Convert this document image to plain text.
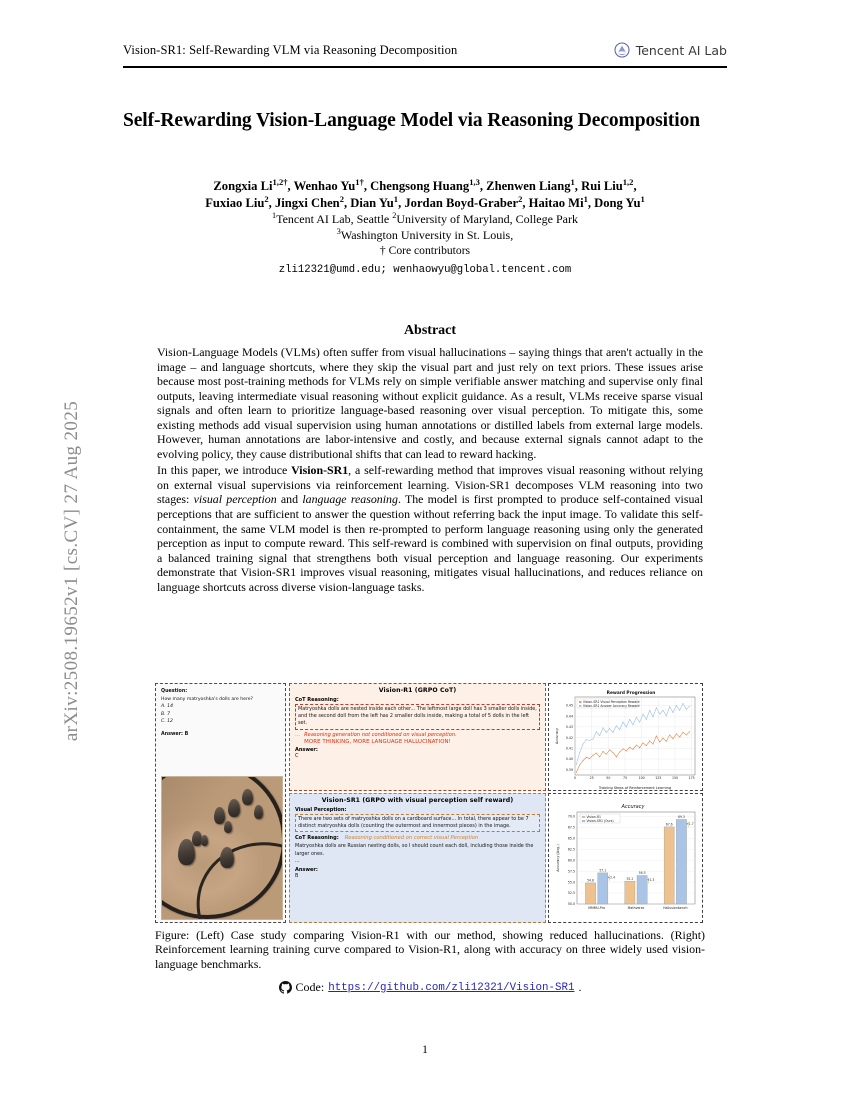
arXiv:2508.19652v1 [cs.CV] 27 Aug 2025
Vision-SR1: Self-Rewarding VLM via Reasoning Decomposition	Tencent AI Lab
Self-Rewarding Vision-Language Model via Reasoning Decomposition
Zongxia $Li^{1,2\dagger}$, Wenhao $Yu^{1\dagger}$, Chengsong Huang$^{1,3}$, Zhenwen Liang$^1$, Rui Liu$^{1,2}$,
Fuxiao Liu$^2$, Jingxi Chen$^2$, Dian Yu$^1$, Jordan Boyd-Graber$^2$, Haitao Mi$^1$, Dong Yu$^1$
$^1$Tencent AI Lab, Seattle $^2$University of Maryland, College Park
$^3$Washington University in St. Louis,
† Core contributors
zli12321@umd.edu; wenhaowyu@global.tencent.com
Abstract

Vision-Language Models (VLMs) often suffer from visual hallucinations – saying things that aren't actually in the image – and language shortcuts, where they skip the visual part and just rely on text priors. These issues arise because most post-training methods for VLMs rely on simple verifiable answer matching and supervise only final outputs, leaving intermediate visual reasoning without explicit guidance. As a result, VLMs receive sparse visual signals and often learn to prioritize language-based reasoning over visual perception. To mitigate this, some existing methods add visual supervision using human annotations or distilled labels from external large models. However, human annotations are labor-intensive and costly, and because external signals cannot adapt to the evolving policy, they cause distributional shifts that can lead to reward hacking.

In this paper, we introduce Vision-SR1, a self-rewarding method that improves visual reasoning without relying on external visual supervisions via reinforcement learning. Vision-SR1 decomposes VLM reasoning into two stages: visual perception and language reasoning. The model is first prompted to produce self-contained visual perceptions that are sufficient to answer the question without referring back the input image. To validate this self-containment, the same VLM model is then re-prompted to perform language reasoning using only the generated perception as input to compute reward. This self-reward is combined with supervision on final outputs, providing a balanced training signal that strengthens both visual perception and language reasoning. Our experiments demonstrate that Vision-SR1 improves visual reasoning, mitigates visual hallucinations, and reduces reliance on language shortcuts across diverse vision-language tasks.

Question:
How many matryoshka's dolls are here?
A. 14
B. 7
C. 12
Answer: B
Vision-R1 (GRPO CoT)
CoT Reasoning:
Matryoshka dolls are nested inside each other... The leftmost large doll has 3 smaller dolls inside, and the second doll from the left has 2 smaller dolls inside, making a total of 5 dolls in the left set.
... Reasoning generation not conditioned on visual perception.
MORE THINKING, MORE LANGUAGE HALLUCINATION!
Answer:
C
Vision-SR1 (GRPO with visual perception self reward)
Visual Perception:
There are two sets of matryoshka dolls on a cardboard surface... In total, there appear to be 7 distinct matryoshka dolls (counting the outermost and innermost pieces) in the image.
CoT Reasoning: Reasoning conditioned on correct visual Perception
Matryoshka dolls are Russian nesting dolls, so I should count each doll, including those inside the larger ones.
...
Answer:
B
Reward Progression
0.39
0.40
0.41
0.42
0.43
0.44
0.45
0	25	50	75	100	125	150	175
Vision-SR1 Visual Perception Reward
Vision-SR1 Answer Accuracy Reward
Training Steps of Reinforcement Learning
Accuracy
Accuracy
50.0
52.5
55.0
57.5
60.0
62.5
65.0
67.5
70.0
54.8
57.1
+2.4	55.2
56.5
+1.3
67.6
69.3
+1.7
MMMU-Pro	Mathverse	Hallusionbench
Vision-R1
Vision-SR1 (Ours)
Accuracy (Avg.)
Figure: (Left) Case study comparing Vision-R1 with our method, showing reduced hallucinations. (Right) Reinforcement learning training curve compared to Vision-R1, along with accuracy on three widely used vision-language benchmarks.
Code: https://github.com/zli12321/Vision-SR1 .
1
